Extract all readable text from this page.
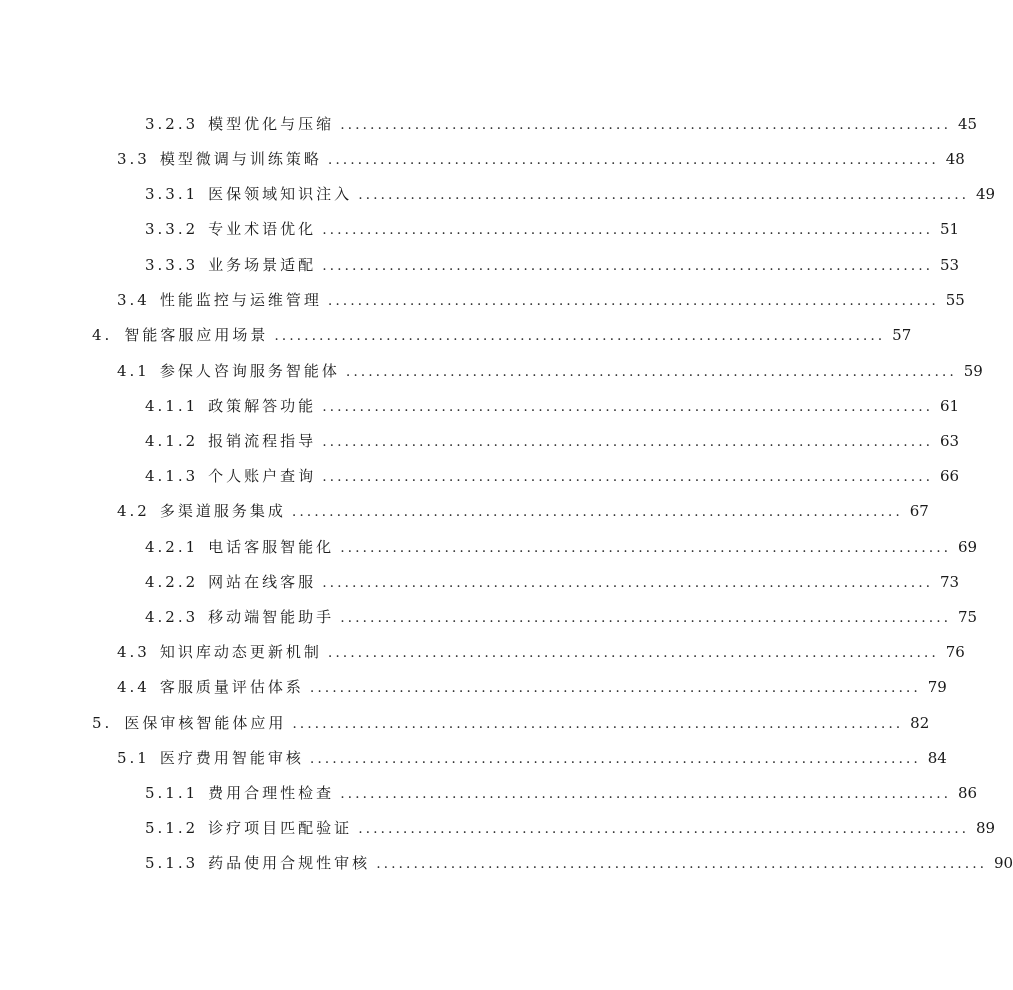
3.2.3 模型优化与压缩 .................................................................................. 45
3.3 模型微调与训练策略 .................................................................................. 48
3.3.1 医保领域知识注入 .................................................................................. 49
3.3.2 专业术语优化 .................................................................................. 51
3.3.3 业务场景适配 .................................................................................. 53
3.4 性能监控与运维管理 .................................................................................. 55
4. 智能客服应用场景 .................................................................................. 57
4.1 参保人咨询服务智能体 .................................................................................. 59
4.1.1 政策解答功能 .................................................................................. 61
4.1.2 报销流程指导 .................................................................................. 63
4.1.3 个人账户查询 .................................................................................. 66
4.2 多渠道服务集成 .................................................................................. 67
4.2.1 电话客服智能化 .................................................................................. 69
4.2.2 网站在线客服 .................................................................................. 73
4.2.3 移动端智能助手 .................................................................................. 75
4.3 知识库动态更新机制 .................................................................................. 76
4.4 客服质量评估体系 .................................................................................. 79
5. 医保审核智能体应用 .................................................................................. 82
5.1 医疗费用智能审核 .................................................................................. 84
5.1.1 费用合理性检查 .................................................................................. 86
5.1.2 诊疗项目匹配验证 .................................................................................. 89
5.1.3 药品使用合规性审核 .................................................................................. 90
